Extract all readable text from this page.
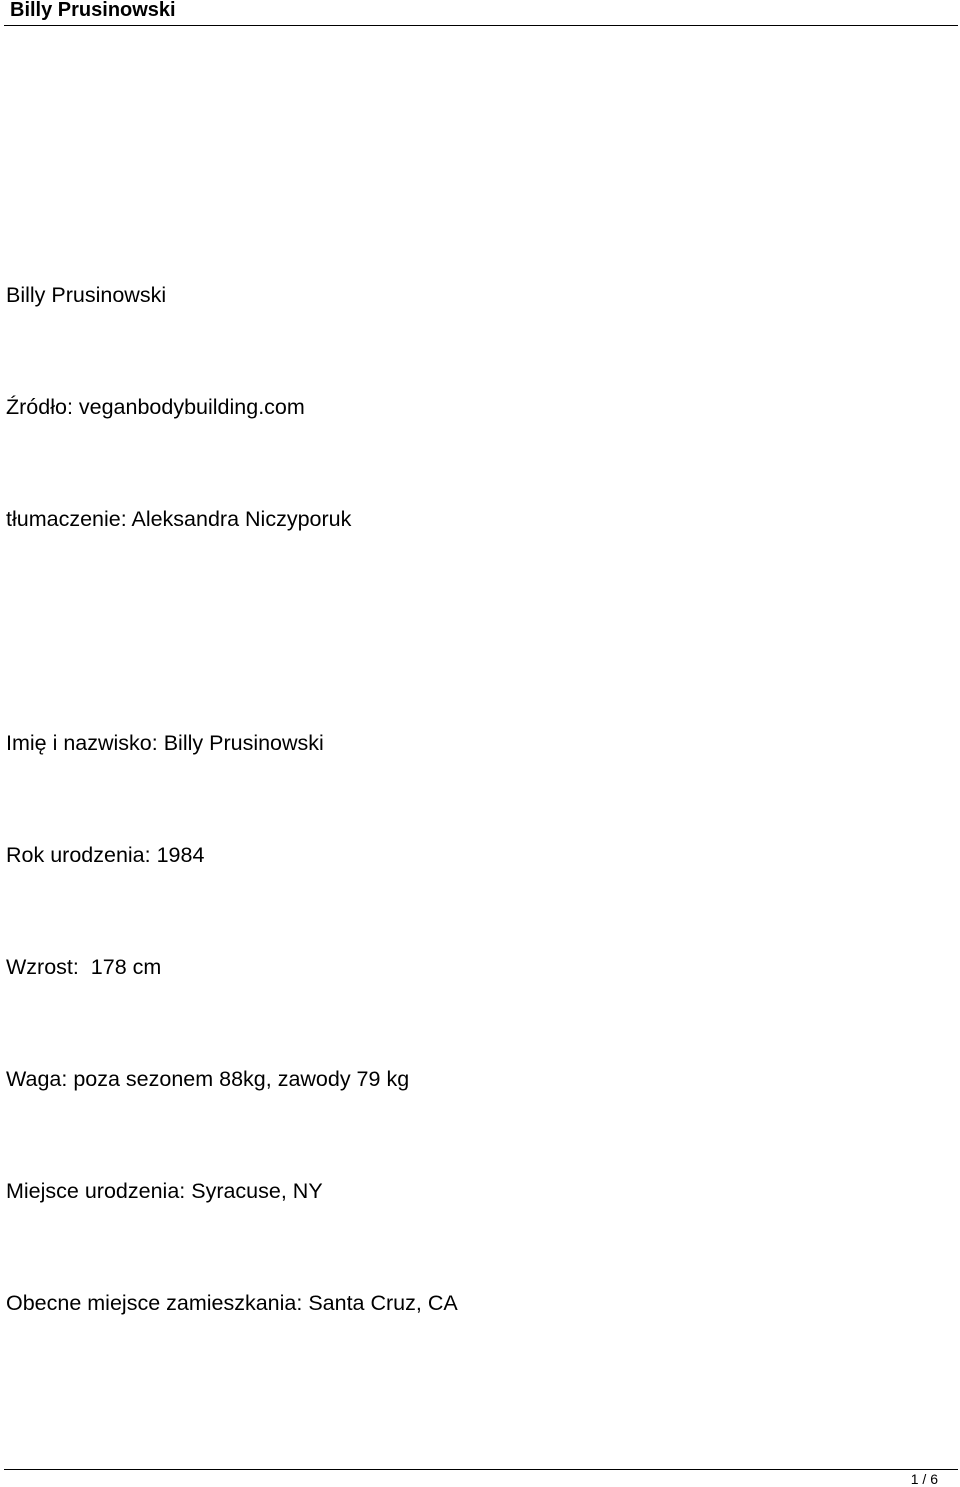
Billy Prusinowski
Billy Prusinowski
Źródło: veganbodybuilding.com
tłumaczenie: Aleksandra Niczyporuk
Imię i nazwisko: Billy Prusinowski
Rok urodzenia: 1984
Wzrost:  178 cm
Waga: poza sezonem 88kg, zawody 79 kg
Miejsce urodzenia: Syracuse, NY
Obecne miejsce zamieszkania: Santa Cruz, CA
1 / 6
